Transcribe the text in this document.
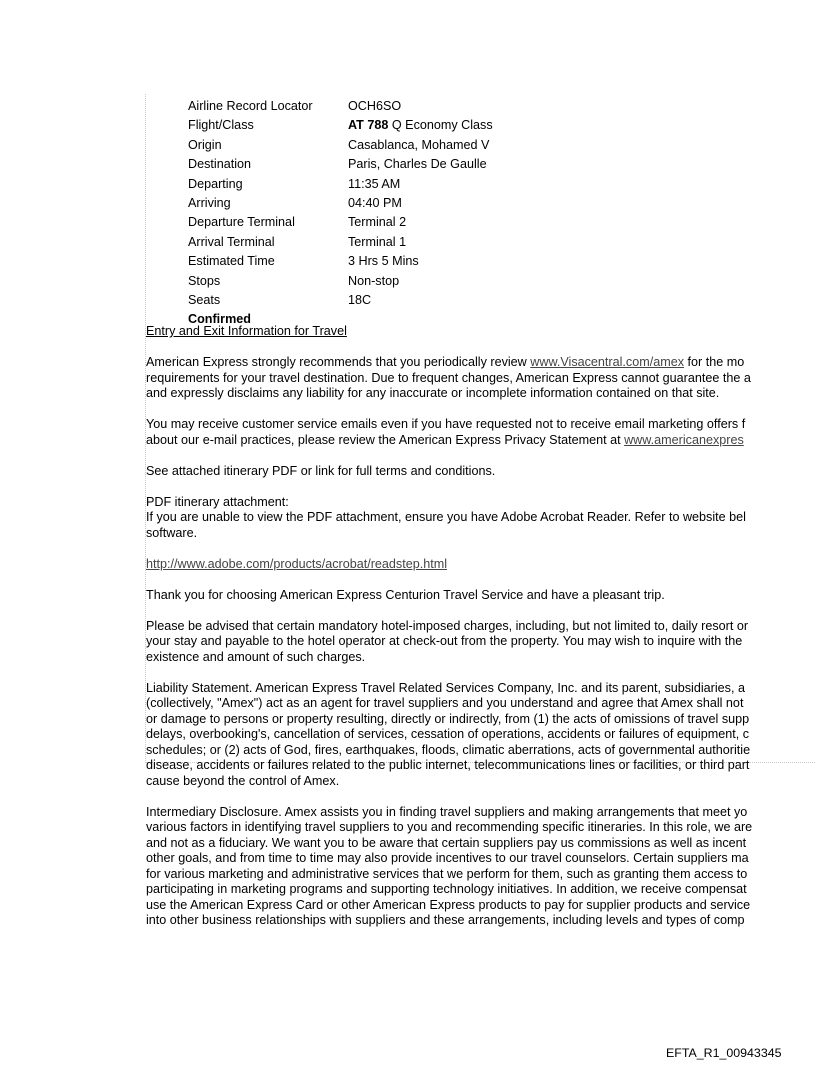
Airline Record Locator	OCH6SO
Flight/Class	AT 788 Q Economy Class
Origin	Casablanca, Mohamed V
Destination	Paris, Charles De Gaulle
Departing	11:35 AM
Arriving	04:40 PM
Departure Terminal	Terminal 2
Arrival Terminal	Terminal 1
Estimated Time	3 Hrs 5 Mins
Stops	Non-stop
Seats	18C
Confirmed
Entry and Exit Information for Travel

American Express strongly recommends that you periodically review www.Visacentral.com/amex for the mo
requirements for your travel destination. Due to frequent changes, American Express cannot guarantee the a
and expressly disclaims any liability for any inaccurate or incomplete information contained on that site.

You may receive customer service emails even if you have requested not to receive email marketing offers f
about our e-mail practices, please review the American Express Privacy Statement at www.americanexpres

See attached itinerary PDF or link for full terms and conditions.

PDF itinerary attachment:
If you are unable to view the PDF attachment, ensure you have Adobe Acrobat Reader. Refer to website bel
software.

http://www.adobe.com/products/acrobat/readstep.html

Thank you for choosing American Express Centurion Travel Service and have a pleasant trip.

Please be advised that certain mandatory hotel-imposed charges, including, but not limited to, daily resort or
your stay and payable to the hotel operator at check-out from the property. You may wish to inquire with the
existence and amount of such charges.

Liability Statement. American Express Travel Related Services Company, Inc. and its parent, subsidiaries, a
(collectively, "Amex") act as an agent for travel suppliers and you understand and agree that Amex shall not
or damage to persons or property resulting, directly or indirectly, from (1) the acts of omissions of travel supp
delays, overbooking's, cancellation of services, cessation of operations, accidents or failures of equipment, c
schedules; or (2) acts of God, fires, earthquakes, floods, climatic aberrations, acts of governmental authoritie
disease, accidents or failures related to the public internet, telecommunications lines or facilities, or third part
cause beyond the control of Amex.

Intermediary Disclosure. Amex assists you in finding travel suppliers and making arrangements that meet yo
various factors in identifying travel suppliers to you and recommending specific itineraries. In this role, we are
and not as a fiduciary. We want you to be aware that certain suppliers pay us commissions as well as incent
other goals, and from time to time may also provide incentives to our travel counselors. Certain suppliers ma
for various marketing and administrative services that we perform for them, such as granting them access to
participating in marketing programs and supporting technology initiatives. In addition, we receive compensat
use the American Express Card or other American Express products to pay for supplier products and service
into other business relationships with suppliers and these arrangements, including levels and types of comp

EFTA_R1_00943345
